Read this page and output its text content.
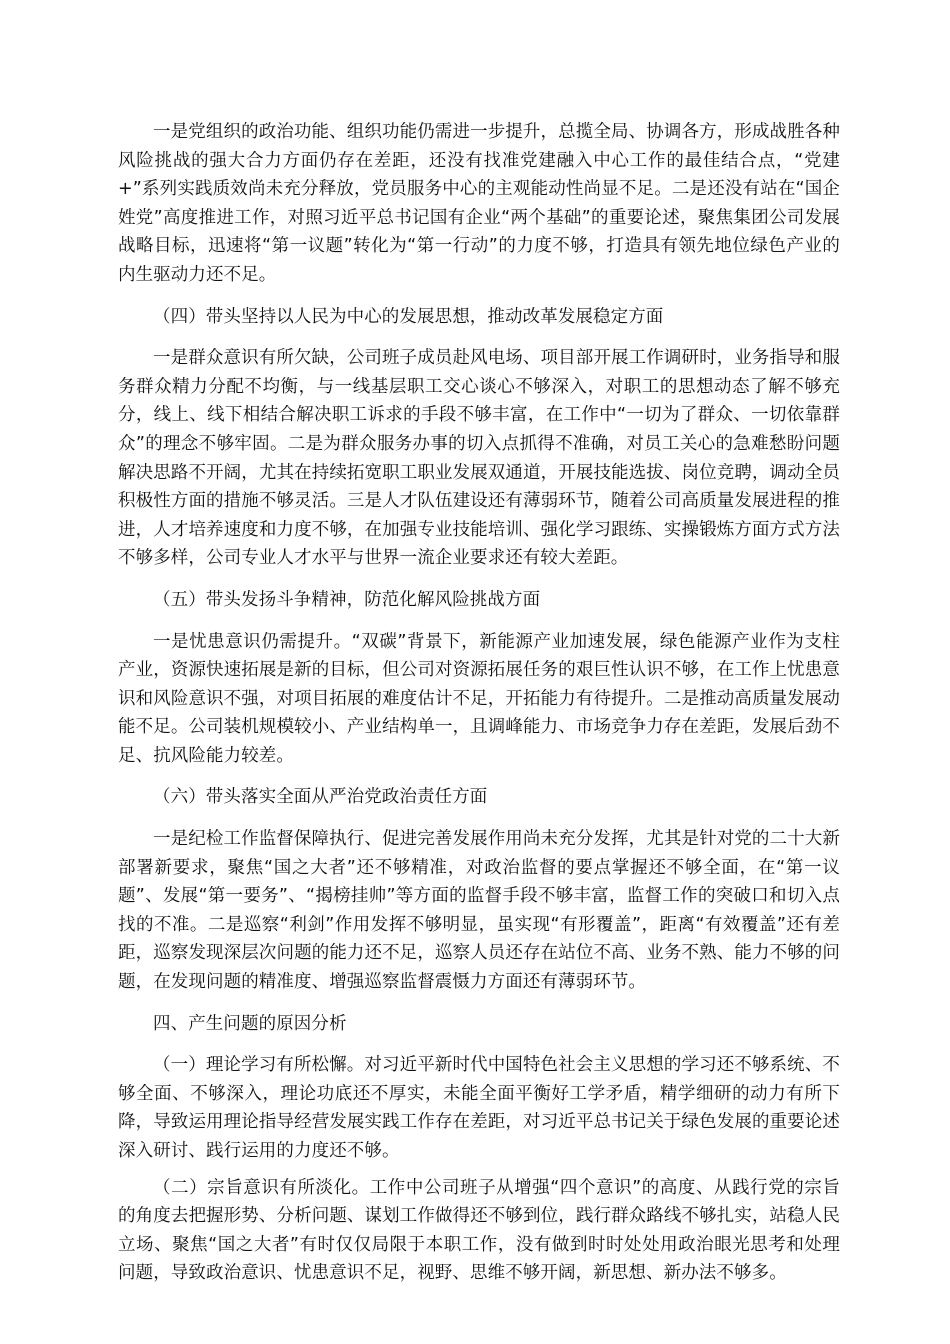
一是党组织的政治功能、组织功能仍需进一步提升，总揽全局、协调各方，形成战胜各种风险挑战的强大合力方面仍存在差距，还没有找准党建融入中心工作的最佳结合点，“党建+”系列实践质效尚未充分释放，党员服务中心的主观能动性尚显不足。二是还没有站在“国企姓党”高度推进工作，对照习近平总书记国有企业“两个基础”的重要论述，聚焦集团公司发展战略目标，迅速将“第一议题”转化为“第一行动”的力度不够，打造具有领先地位绿色产业的内生驱动力还不足。

（四）带头坚持以人民为中心的发展思想，推动改革发展稳定方面

一是群众意识有所欠缺，公司班子成员赴风电场、项目部开展工作调研时，业务指导和服务群众精力分配不均衡，与一线基层职工交心谈心不够深入，对职工的思想动态了解不够充分，线上、线下相结合解决职工诉求的手段不够丰富，在工作中“一切为了群众、一切依靠群众”的理念不够牢固。二是为群众服务办事的切入点抓得不准确，对员工关心的急难愁盼问题解决思路不开阔，尤其在持续拓宽职工职业发展双通道，开展技能选拔、岗位竞聘，调动全员积极性方面的措施不够灵活。三是人才队伍建设还有薄弱环节，随着公司高质量发展进程的推进，人才培养速度和力度不够，在加强专业技能培训、强化学习跟练、实操锻炼方面方式方法不够多样，公司专业人才水平与世界一流企业要求还有较大差距。

（五）带头发扬斗争精神，防范化解风险挑战方面

一是忧患意识仍需提升。“双碳”背景下，新能源产业加速发展，绿色能源产业作为支柱产业，资源快速拓展是新的目标，但公司对资源拓展任务的艰巨性认识不够，在工作上忧患意识和风险意识不强，对项目拓展的难度估计不足，开拓能力有待提升。二是推动高质量发展动能不足。公司装机规模较小、产业结构单一，且调峰能力、市场竞争力存在差距，发展后劲不足、抗风险能力较差。

（六）带头落实全面从严治党政治责任方面

一是纪检工作监督保障执行、促进完善发展作用尚未充分发挥，尤其是针对党的二十大新部署新要求，聚焦“国之大者”还不够精准，对政治监督的要点掌握还不够全面，在“第一议题”、发展“第一要务”、“揭榜挂帅”等方面的监督手段不够丰富，监督工作的突破口和切入点找的不准。二是巡察“利剑”作用发挥不够明显，虽实现“有形覆盖”，距离“有效覆盖”还有差距，巡察发现深层次问题的能力还不足，巡察人员还存在站位不高、业务不熟、能力不够的问题，在发现问题的精准度、增强巡察监督震慑力方面还有薄弱环节。

四、产生问题的原因分析

（一）理论学习有所松懈。对习近平新时代中国特色社会主义思想的学习还不够系统、不够全面、不够深入，理论功底还不厚实，未能全面平衡好工学矛盾，精学细研的动力有所下降，导致运用理论指导经营发展实践工作存在差距，对习近平总书记关于绿色发展的重要论述深入研讨、践行运用的力度还不够。

（二）宗旨意识有所淡化。工作中公司班子从增强“四个意识”的高度、从践行党的宗旨的角度去把握形势、分析问题、谋划工作做得还不够到位，践行群众路线不够扎实，站稳人民立场、聚焦“国之大者”有时仅仅局限于本职工作，没有做到时时处处用政治眼光思考和处理问题，导致政治意识、忧患意识不足，视野、思维不够开阔，新思想、新办法不够多。
